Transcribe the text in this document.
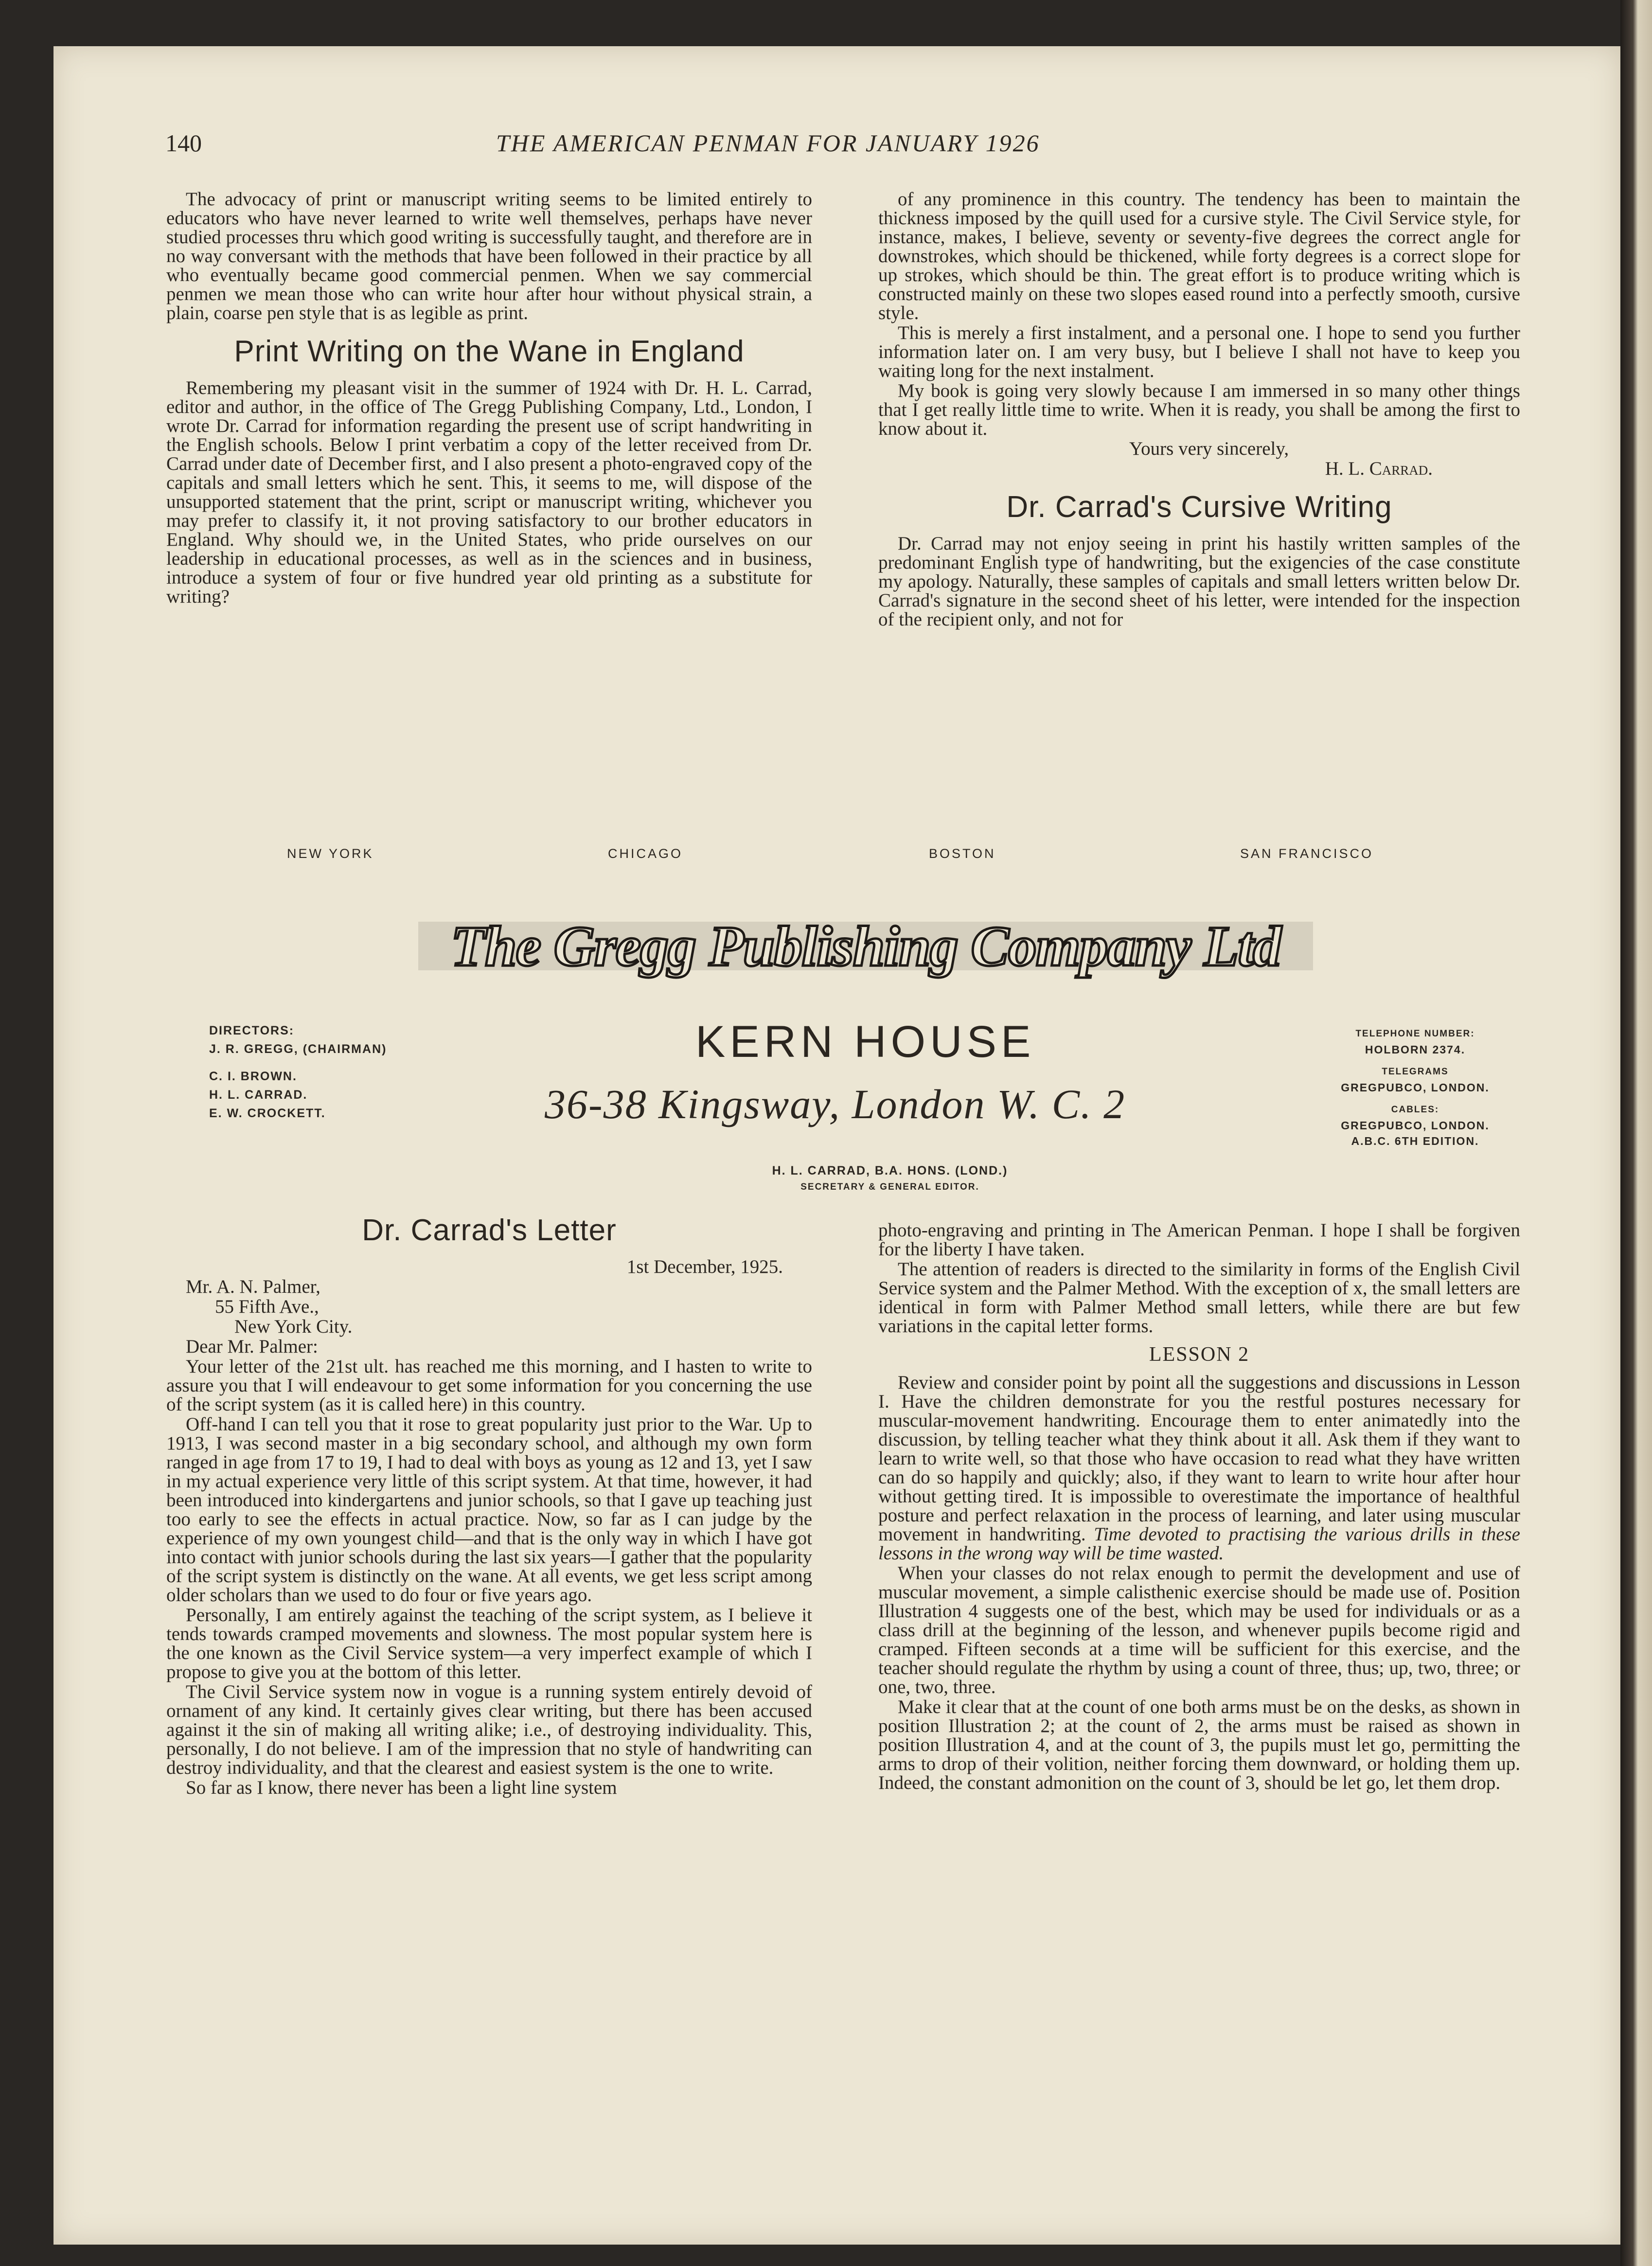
140	THE AMERICAN PENMAN FOR JANUARY 1926

The advocacy of print or manuscript writing seems to be limited entirely to educators who have never learned to write well themselves, perhaps have never studied processes thru which good writing is successfully taught, and therefore are in no way conversant with the methods that have been followed in their practice by all who eventually became good commercial penmen. When we say commercial penmen we mean those who can write hour after hour without physical strain, a plain, coarse pen style that is as legible as print.

Print Writing on the Wane in England

Remembering my pleasant visit in the summer of 1924 with Dr. H. L. Carrad, editor and author, in the office of The Gregg Publishing Company, Ltd., London, I wrote Dr. Carrad for information regarding the present use of script handwriting in the English schools. Below I print verbatim a copy of the letter received from Dr. Carrad under date of December first, and I also present a photo-engraved copy of the capitals and small letters which he sent. This, it seems to me, will dispose of the unsupported statement that the print, script or manuscript writing, whichever you may prefer to classify it, it not proving satisfactory to our brother educators in England. Why should we, in the United States, who pride ourselves on our leadership in educational processes, as well as in the sciences and in business, introduce a system of four or five hundred year old printing as a substitute for writing?

of any prominence in this country. The tendency has been to maintain the thickness imposed by the quill used for a cursive style. The Civil Service style, for instance, makes, I believe, seventy or seventy-five degrees the correct angle for downstrokes, which should be thickened, while forty degrees is a correct slope for up strokes, which should be thin. The great effort is to produce writing which is constructed mainly on these two slopes eased round into a perfectly smooth, cursive style.

This is merely a first instalment, and a personal one. I hope to send you further information later on. I am very busy, but I believe I shall not have to keep you waiting long for the next instalment.

My book is going very slowly because I am immersed in so many other things that I get really little time to write. When it is ready, you shall be among the first to know about it.

Yours very sincerely,

H. L. Carrad.

Dr. Carrad's Cursive Writing

Dr. Carrad may not enjoy seeing in print his hastily written samples of the predominant English type of handwriting, but the exigencies of the case constitute my apology. Naturally, these samples of capitals and small letters written below Dr. Carrad's signature in the second sheet of his letter, were intended for the inspection of the recipient only, and not for

NEW YORK	CHICAGO	BOSTON	SAN FRANCISCO
The Gregg Publishing Company Ltd
DIRECTORS:
J. R. GREGG, (CHAIRMAN)
C. I. BROWN.
H. L. CARRAD.
E. W. CROCKETT.
KERN HOUSE
36-38 Kingsway, London W. C. 2
TELEPHONE NUMBER:
HOLBORN 2374.
TELEGRAMS
GREGPUBCO, LONDON.
CABLES:
GREGPUBCO, LONDON.
A.B.C. 6TH EDITION.
H. L. CARRAD, B.A. HONS. (LOND.)
SECRETARY & GENERAL EDITOR.
Dr. Carrad's Letter

1st December, 1925.

Mr. A. N. Palmer,

55 Fifth Ave.,

New York City.

Dear Mr. Palmer:

Your letter of the 21st ult. has reached me this morning, and I hasten to write to assure you that I will endeavour to get some information for you concerning the use of the script system (as it is called here) in this country.

Off-hand I can tell you that it rose to great popularity just prior to the War. Up to 1913, I was second master in a big secondary school, and although my own form ranged in age from 17 to 19, I had to deal with boys as young as 12 and 13, yet I saw in my actual experience very little of this script system. At that time, however, it had been introduced into kindergartens and junior schools, so that I gave up teaching just too early to see the effects in actual practice. Now, so far as I can judge by the experience of my own youngest child—and that is the only way in which I have got into contact with junior schools during the last six years—I gather that the popularity of the script system is distinctly on the wane. At all events, we get less script among older scholars than we used to do four or five years ago.

Personally, I am entirely against the teaching of the script system, as I believe it tends towards cramped movements and slowness. The most popular system here is the one known as the Civil Service system—a very imperfect example of which I propose to give you at the bottom of this letter.

The Civil Service system now in vogue is a running system entirely devoid of ornament of any kind. It certainly gives clear writing, but there has been accused against it the sin of making all writing alike; i.e., of destroying individuality. This, personally, I do not believe. I am of the impression that no style of handwriting can destroy individuality, and that the clearest and easiest system is the one to write.

So far as I know, there never has been a light line system

photo-engraving and printing in The American Penman. I hope I shall be forgiven for the liberty I have taken.

The attention of readers is directed to the similarity in forms of the English Civil Service system and the Palmer Method. With the exception of x, the small letters are identical in form with Palmer Method small letters, while there are but few variations in the capital letter forms.

LESSON 2

Review and consider point by point all the suggestions and discussions in Lesson I. Have the children demonstrate for you the restful postures necessary for muscular-movement handwriting. Encourage them to enter animatedly into the discussion, by telling teacher what they think about it all. Ask them if they want to learn to write well, so that those who have occasion to read what they have written can do so happily and quickly; also, if they want to learn to write hour after hour without getting tired. It is impossible to overestimate the importance of healthful posture and perfect relaxation in the process of learning, and later using muscular movement in handwriting. Time devoted to practising the various drills in these lessons in the wrong way will be time wasted.

When your classes do not relax enough to permit the development and use of muscular movement, a simple calisthenic exercise should be made use of. Position Illustration 4 suggests one of the best, which may be used for individuals or as a class drill at the beginning of the lesson, and whenever pupils become rigid and cramped. Fifteen seconds at a time will be sufficient for this exercise, and the teacher should regulate the rhythm by using a count of three, thus; up, two, three; or one, two, three.

Make it clear that at the count of one both arms must be on the desks, as shown in position Illustration 2; at the count of 2, the arms must be raised as shown in position Illustration 4, and at the count of 3, the pupils must let go, permitting the arms to drop of their volition, neither forcing them downward, or holding them up. Indeed, the constant admonition on the count of 3, should be let go, let them drop.
